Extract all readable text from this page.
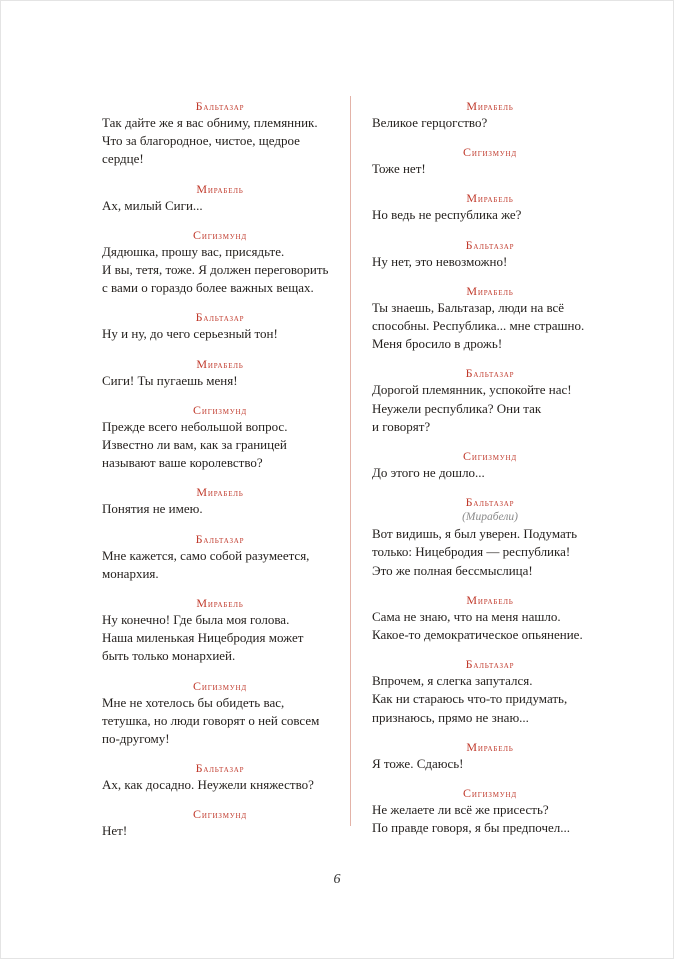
Бальтазар
Так дайте же я вас обниму, племянник.
Что за благородное, чистое, щедрое
сердце!
Мирабель
Ах, милый Сиги...
Сигизмунд
Дядюшка, прошу вас, присядьте.
И вы, тетя, тоже. Я должен переговорить
с вами о гораздо более важных вещах.
Бальтазар
Ну и ну, до чего серьезный тон!
Мирабель
Сиги! Ты пугаешь меня!
Сигизмунд
Прежде всего небольшой вопрос.
Известно ли вам, как за границей
называют ваше королевство?
Мирабель
Понятия не имею.
Бальтазар
Мне кажется, само собой разумеется,
монархия.
Мирабель
Ну конечно! Где была моя голова.
Наша миленькая Ницебродия может
быть только монархией.
Сигизмунд
Мне не хотелось бы обидеть вас,
тетушка, но люди говорят о ней совсем
по-другому!
Бальтазар
Ах, как досадно. Неужели княжество?
Сигизмунд
Нет!
Мирабель
Великое герцогство?
Сигизмунд
Тоже нет!
Мирабель
Но ведь не республика же?
Бальтазар
Ну нет, это невозможно!
Мирабель
Ты знаешь, Бальтазар, люди на всё
способны. Республика... мне страшно.
Меня бросило в дрожь!
Бальтазар
Дорогой племянник, успокойте нас!
Неужели республика? Они так
и говорят?
Сигизмунд
До этого не дошло...
Бальтазар
(Мирабели)
Вот видишь, я был уверен. Подумать
только: Ницебродия — республика!
Это же полная бессмыслица!
Мирабель
Сама не знаю, что на меня нашло.
Какое-то демократическое опьянение.
Бальтазар
Впрочем, я слегка запутался.
Как ни стараюсь что-то придумать,
признаюсь, прямо не знаю...
Мирабель
Я тоже. Сдаюсь!
Сигизмунд
Не желаете ли всё же присесть?
По правде говоря, я бы предпочел...
6
